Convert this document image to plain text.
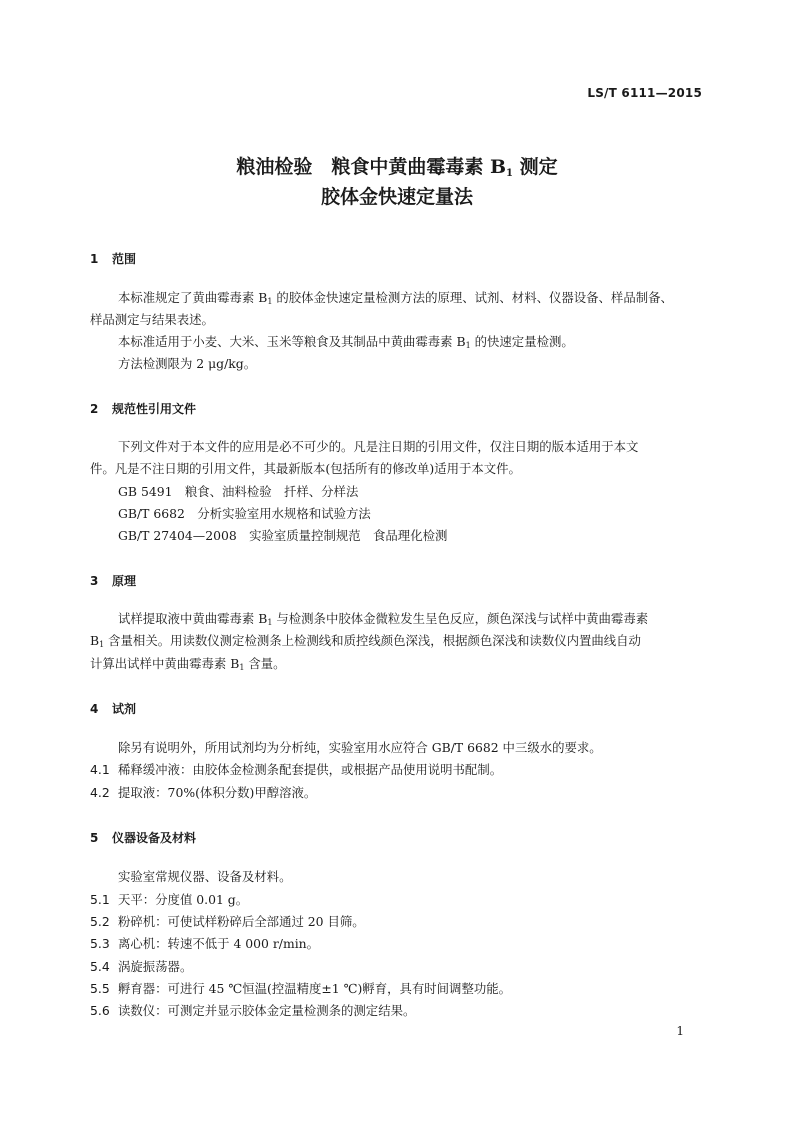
LS/T 6111—2015
粮油检验　粮食中黄曲霉毒素 $B_1$ 测定
胶体金快速定量法
1 范围
本标准规定了黄曲霉毒素 B1 的胶体金快速定量检测方法的原理、试剂、材料、仪器设备、样品制备、
样品测定与结果表述。
本标准适用于小麦、大米、玉米等粮食及其制品中黄曲霉毒素 B1 的快速定量检测。
方法检测限为 2 μg/kg。
2 规范性引用文件
下列文件对于本文件的应用是必不可少的。凡是注日期的引用文件，仅注日期的版本适用于本文
件。凡是不注日期的引用文件，其最新版本(包括所有的修改单)适用于本文件。
GB 5491　粮食、油料检验　扦样、分样法
GB/T 6682　分析实验室用水规格和试验方法
GB/T 27404—2008　实验室质量控制规范　食品理化检测
3 原理
试样提取液中黄曲霉毒素 B1 与检测条中胶体金微粒发生呈色反应，颜色深浅与试样中黄曲霉毒素
B1 含量相关。用读数仪测定检测条上检测线和质控线颜色深浅，根据颜色深浅和读数仪内置曲线自动
计算出试样中黄曲霉毒素 B1 含量。
4 试剂
除另有说明外，所用试剂均为分析纯，实验室用水应符合 GB/T 6682 中三级水的要求。
4.1 稀释缓冲液：由胶体金检测条配套提供，或根据产品使用说明书配制。
4.2 提取液：70%(体积分数)甲醇溶液。
5 仪器设备及材料
实验室常规仪器、设备及材料。
5.1 天平：分度值 0.01 g。
5.2 粉碎机：可使试样粉碎后全部通过 20 目筛。
5.3 离心机：转速不低于 4 000 r/min。
5.4 涡旋振荡器。
5.5 孵育器：可进行 45 ℃恒温(控温精度±1 ℃)孵育，具有时间调整功能。
5.6 读数仪：可测定并显示胶体金定量检测条的测定结果。
1
